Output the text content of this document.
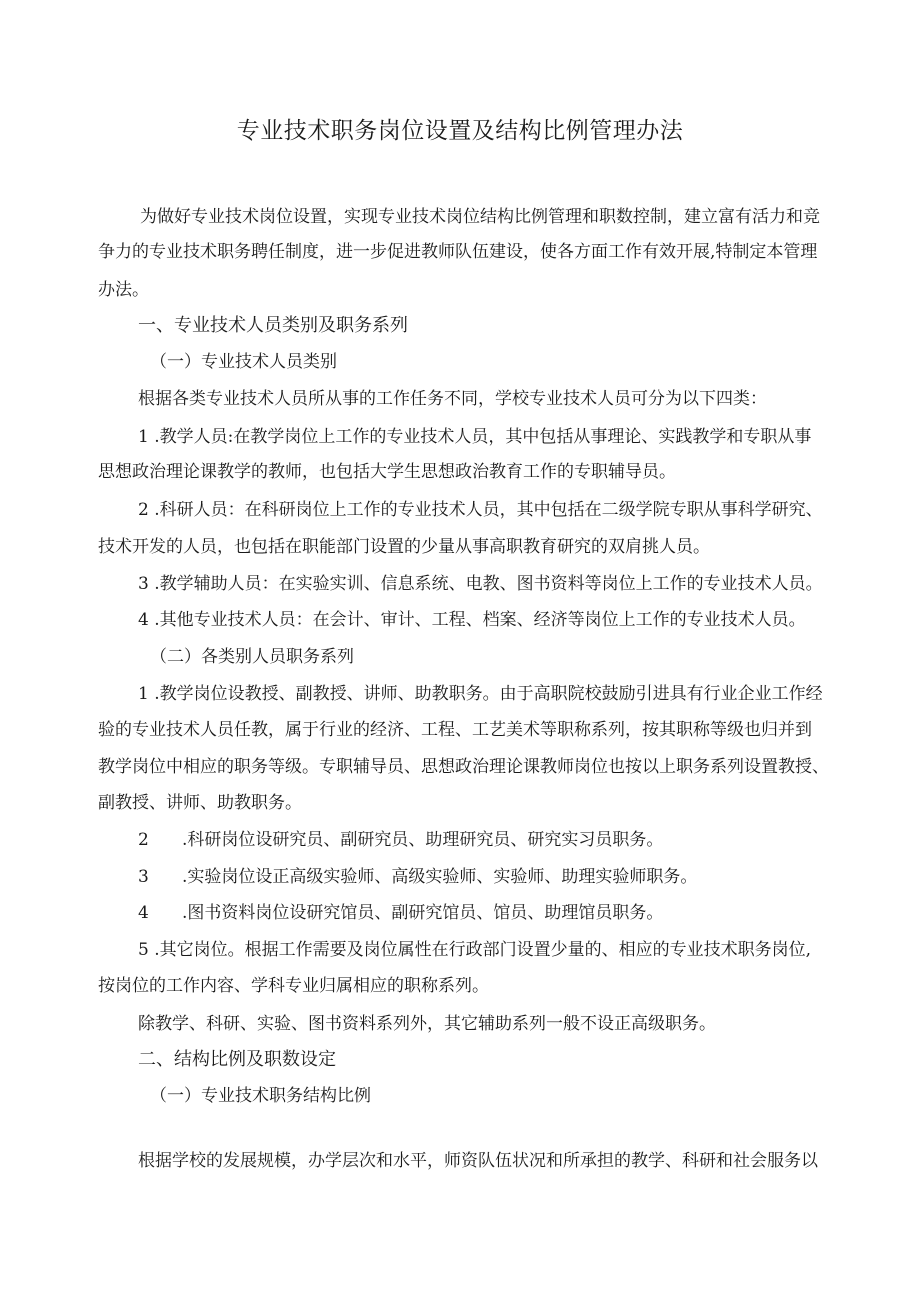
专业技术职务岗位设置及结构比例管理办法
为做好专业技术岗位设置，实现专业技术岗位结构比例管理和职数控制，建立富有活力和竞
争力的专业技术职务聘任制度，进一步促进教师队伍建设，使各方面工作有效开展,特制定本管理
办法。
一、专业技术人员类别及职务系列
（一）专业技术人员类别
根据各类专业技术人员所从事的工作任务不同，学校专业技术人员可分为以下四类：
1 .教学人员:在教学岗位上工作的专业技术人员，其中包括从事理论、实践教学和专职从事
思想政治理论课教学的教师，也包括大学生思想政治教育工作的专职辅导员。
2 .科研人员：在科研岗位上工作的专业技术人员，其中包括在二级学院专职从事科学研究、
技术开发的人员，也包括在职能部门设置的少量从事高职教育研究的双肩挑人员。
3 .教学辅助人员：在实验实训、信息系统、电教、图书资料等岗位上工作的专业技术人员。
4 .其他专业技术人员：在会计、审计、工程、档案、经济等岗位上工作的专业技术人员。
（二）各类别人员职务系列
1 .教学岗位设教授、副教授、讲师、助教职务。由于高职院校鼓励引进具有行业企业工作经
验的专业技术人员任教，属于行业的经济、工程、工艺美术等职称系列，按其职称等级也归并到
教学岗位中相应的职务等级。专职辅导员、思想政治理论课教师岗位也按以上职务系列设置教授、
副教授、讲师、助教职务。
2 .科研岗位设研究员、副研究员、助理研究员、研究实习员职务。
3 .实验岗位设正高级实验师、高级实验师、实验师、助理实验师职务。
4 .图书资料岗位设研究馆员、副研究馆员、馆员、助理馆员职务。
5 .其它岗位。根据工作需要及岗位属性在行政部门设置少量的、相应的专业技术职务岗位,
按岗位的工作内容、学科专业归属相应的职称系列。
除教学、科研、实验、图书资料系列外，其它辅助系列一般不设正高级职务。
二、结构比例及职数设定
（一）专业技术职务结构比例
根据学校的发展规模，办学层次和水平，师资队伍状况和所承担的教学、科研和社会服务以
